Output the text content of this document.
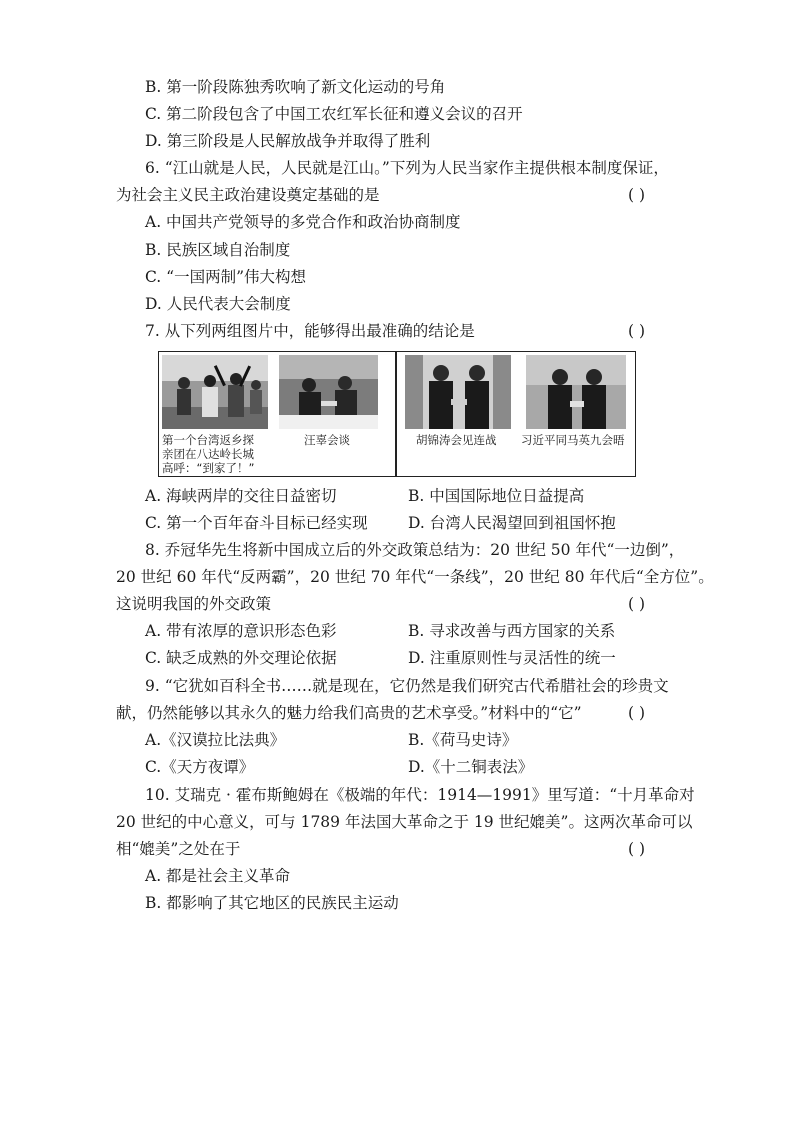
B. 第一阶段陈独秀吹响了新文化运动的号角
C. 第二阶段包含了中国工农红军长征和遵义会议的召开
D. 第三阶段是人民解放战争并取得了胜利
6. “江山就是人民，人民就是江山。”下列为人民当家作主提供根本制度保证，
为社会主义民主政治建设奠定基础的是	( )
A. 中国共产党领导的多党合作和政治协商制度
B. 民族区域自治制度
C. “一国两制”伟大构想
D. 人民代表大会制度
7. 从下列两组图片中，能够得出最准确的结论是	( )
第一个台湾返乡探
亲团在八达岭长城
高呼：“到家了！”
汪辜会谈	胡锦涛会见连战 习近平同马英九会晤
A. 海峡两岸的交往日益密切	B. 中国国际地位日益提高
C. 第一个百年奋斗目标已经实现	D. 台湾人民渴望回到祖国怀抱
8. 乔冠华先生将新中国成立后的外交政策总结为：20 世纪 50 年代“一边倒”，
20 世纪 60 年代“反两霸”，20 世纪 70 年代“一条线”，20 世纪 80 年代后“全方位”。
这说明我国的外交政策	( )
A. 带有浓厚的意识形态色彩	B. 寻求改善与西方国家的关系
C. 缺乏成熟的外交理论依据	D. 注重原则性与灵活性的统一
9. “它犹如百科全书……就是现在，它仍然是我们研究古代希腊社会的珍贵文
献，仍然能够以其永久的魅力给我们高贵的艺术享受。”材料中的“它”	( )
A.《汉谟拉比法典》	B.《荷马史诗》
C.《天方夜谭》	D.《十二铜表法》
10. 艾瑞克 · 霍布斯鲍姆在《极端的年代：1914—1991》里写道：“十月革命对
20 世纪的中心意义，可与 1789 年法国大革命之于 19 世纪媲美”。这两次革命可以
相“媲美”之处在于	( )
A. 都是社会主义革命
B. 都影响了其它地区的民族民主运动
